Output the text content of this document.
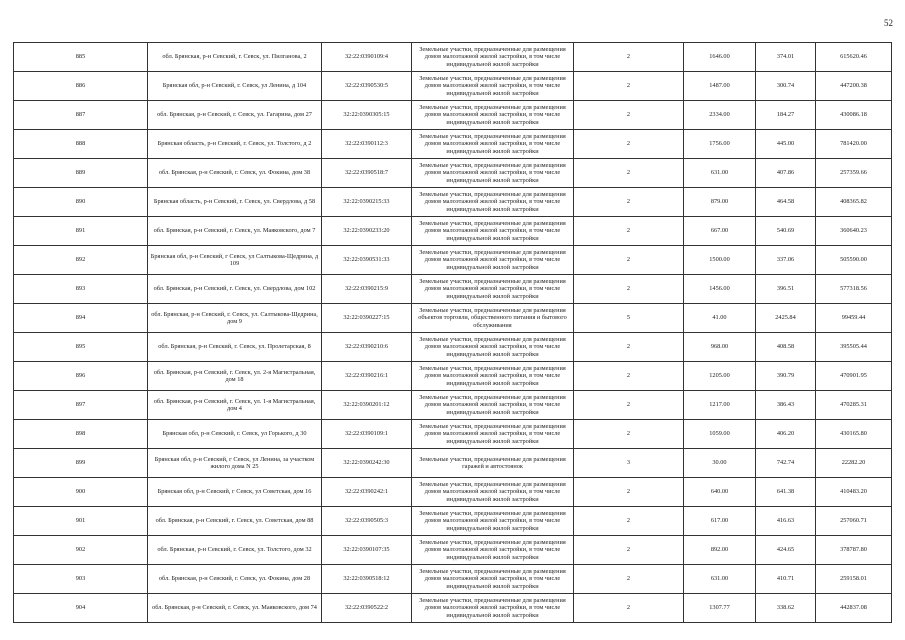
52
885	обл. Брянская, р-н Севский, г. Севск, ул. Пилганова, 2	32:22:0390109:4	Земельные участки, предназначенные для размещения домов малоэтажной жилой застройки, в том числе индивидуальной жилой застройки	2	1646.00	374.01	615620.46
886	Брянская обл, р-н Севский, г. Севск, ул Ленина, д 104	32:22:0390530:5	Земельные участки, предназначенные для размещения домов малоэтажной жилой застройки, в том числе индивидуальной жилой застройки	2	1487.00	300.74	447200.38
887	обл. Брянская, р-н Севский, г. Севск, ул. Гагарина, дом 27	32:22:0390305:15	Земельные участки, предназначенные для размещения домов малоэтажной жилой застройки, в том числе индивидуальной жилой застройки	2	2334.00	184.27	430086.18
888	Брянская область, р-н Севский, г. Севск, ул. Толстого, д 2	32:22:0390112:3	Земельные участки, предназначенные для размещения домов малоэтажной жилой застройки, в том числе индивидуальной жилой застройки	2	1756.00	445.00	781420.00
889	обл. Брянская, р-н Севский, г. Севск, ул. Фокина, дом 38	32:22:0390518:7	Земельные участки, предназначенные для размещения домов малоэтажной жилой застройки, в том числе индивидуальной жилой застройки	2	631.00	407.86	257359.66
890	Брянская область, р-н Севский, г. Севск, ул. Свердлова, д 58	32:22:0390215:33	Земельные участки, предназначенные для размещения домов малоэтажной жилой застройки, в том числе индивидуальной жилой застройки	2	879.00	464.58	408365.82
891	обл. Брянская, р-н Севский, г. Севск, ул. Маяковского, дом 7	32:22:0390233:20	Земельные участки, предназначенные для размещения домов малоэтажной жилой застройки, в том числе индивидуальной жилой застройки	2	667.00	540.69	360640.23
892	Брянская обл, р-н Севский, г Севск, ул Салтыкова-Щедрина, д 109	32:22:0390531:33	Земельные участки, предназначенные для размещения домов малоэтажной жилой застройки, в том числе индивидуальной жилой застройки	2	1500.00	337.06	505590.00
893	обл. Брянская, р-н Севский, г. Севск, ул. Свердлова, дом 102	32:22:0390215:9	Земельные участки, предназначенные для размещения домов малоэтажной жилой застройки, в том числе индивидуальной жилой застройки	2	1456.00	396.51	577318.56
894	обл. Брянская, р-н Севский, г. Севск, ул. Салтыкова-Щедрина, дом 9	32:22:0390227:15	Земельные участки, предназначенные для размещения объектов торговли, общественного питания и бытового обслуживания	5	41.00	2425.84	99459.44
895	обл. Брянская, р-н Севский, г. Севск, ул. Пролетарская, 8	32:22:0390210:6	Земельные участки, предназначенные для размещения домов малоэтажной жилой застройки, в том числе индивидуальной жилой застройки	2	968.00	408.58	395505.44
896	обл. Брянская, р-н Севский, г. Севск, ул. 2-я Магистральная, дом 18	32:22:0390216:1	Земельные участки, предназначенные для размещения домов малоэтажной жилой застройки, в том числе индивидуальной жилой застройки	2	1205.00	390.79	470901.95
897	обл. Брянская, р-н Севский, г. Севск, ул. 1-я Магистральная, дом 4	32:22:0390201:12	Земельные участки, предназначенные для размещения домов малоэтажной жилой застройки, в том числе индивидуальной жилой застройки	2	1217.00	386.43	470285.31
898	Брянская обл, р-н Севский, г. Севск, ул Горького, д 30	32:22:0390109:1	Земельные участки, предназначенные для размещения домов малоэтажной жилой застройки, в том числе индивидуальной жилой застройки	2	1059.00	406.20	430165.80
899	Брянская обл, р-н Севский, г Севск, ул Ленина, за участком жилого дома N 25	32:22:0390242:30	Земельные участки, предназначенные для размещения гаражей и автостоянок	3	30.00	742.74	22282.20
900	Брянская обл, р-н Севский, г Севск, ул Советская, дом 16	32:22:0390242:1	Земельные участки, предназначенные для размещения домов малоэтажной жилой застройки, в том числе индивидуальной жилой застройки	2	640.00	641.38	410483.20
901	обл. Брянская, р-н Севский, г. Севск, ул. Советская, дом 88	32:22:0390505:3	Земельные участки, предназначенные для размещения домов малоэтажной жилой застройки, в том числе индивидуальной жилой застройки	2	617.00	416.63	257060.71
902	обл. Брянская, р-н Севский, г. Севск, ул. Толстого, дом 32	32:22:0390107:35	Земельные участки, предназначенные для размещения домов малоэтажной жилой застройки, в том числе индивидуальной жилой застройки	2	892.00	424.65	378787.80
903	обл. Брянская, р-н Севский, г. Севск, ул. Фокина, дом 28	32:22:0390518:12	Земельные участки, предназначенные для размещения домов малоэтажной жилой застройки, в том числе индивидуальной жилой застройки	2	631.00	410.71	259158.01
904	обл. Брянская, р-н Севский, г. Севск, ул. Маяковского, дом 74	32:22:0390522:2	Земельные участки, предназначенные для размещения домов малоэтажной жилой застройки, в том числе индивидуальной жилой застройки	2	1307.77	338.62	442837.08
